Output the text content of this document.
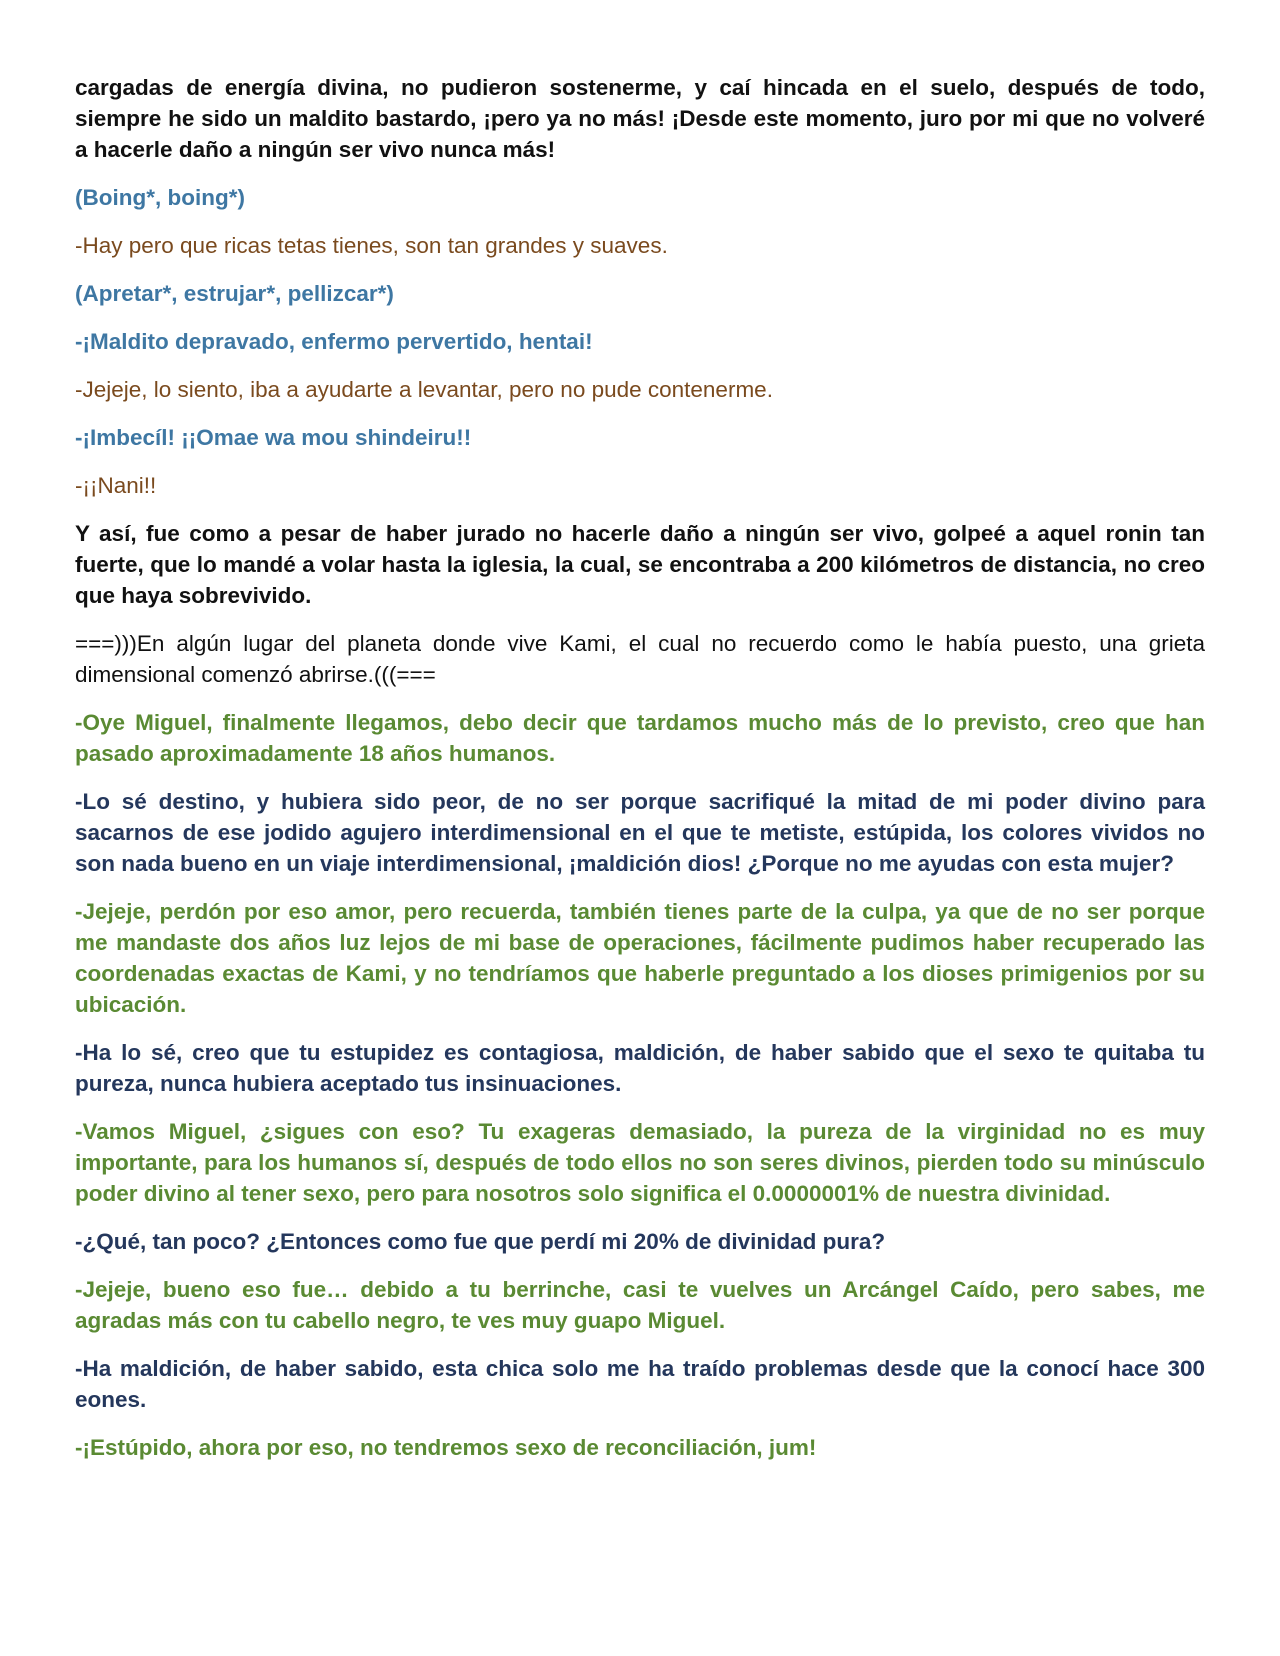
cargadas de energía divina, no pudieron sostenerme, y caí hincada en el suelo, después de todo, siempre he sido un maldito bastardo, ¡pero ya no más! ¡Desde este momento, juro por mi que no volveré a hacerle daño a ningún ser vivo nunca más!

(Boing*, boing*)

-Hay pero que ricas tetas tienes, son tan grandes y suaves.

(Apretar*, estrujar*, pellizcar*)

-¡Maldito depravado, enfermo pervertido, hentai!

-Jejeje, lo siento, iba a ayudarte a levantar, pero no pude contenerme.

-¡Imbecíl! ¡¡Omae wa mou shindeiru!!

-¡¡Nani!!

Y así, fue como a pesar de haber jurado no hacerle daño a ningún ser vivo, golpeé a aquel ronin tan fuerte, que lo mandé a volar hasta la iglesia, la cual, se encontraba a 200 kilómetros de distancia, no creo que haya sobrevivido.

===)))En algún lugar del planeta donde vive Kami, el cual no recuerdo como le había puesto, una grieta dimensional comenzó abrirse.(((===

-Oye Miguel, finalmente llegamos, debo decir que tardamos mucho más de lo previsto, creo que han pasado aproximadamente 18 años humanos.

-Lo sé destino, y hubiera sido peor, de no ser porque sacrifiqué la mitad de mi poder divino para sacarnos de ese jodido agujero interdimensional en el que te metiste, estúpida, los colores vividos no son nada bueno en un viaje interdimensional, ¡maldición dios! ¿Porque no me ayudas con esta mujer?

-Jejeje, perdón por eso amor, pero recuerda, también tienes parte de la culpa, ya que de no ser porque me mandaste dos años luz lejos de mi base de operaciones, fácilmente pudimos haber recuperado las coordenadas exactas de Kami, y no tendríamos que haberle preguntado a los dioses primigenios por su ubicación.

-Ha lo sé, creo que tu estupidez es contagiosa, maldición, de haber sabido que el sexo te quitaba tu pureza, nunca hubiera aceptado tus insinuaciones.

-Vamos Miguel, ¿sigues con eso? Tu exageras demasiado, la pureza de la virginidad no es muy importante, para los humanos sí, después de todo ellos no son seres divinos, pierden todo su minúsculo poder divino al tener sexo, pero para nosotros solo significa el 0.0000001% de nuestra divinidad.

-¿Qué, tan poco? ¿Entonces como fue que perdí mi 20% de divinidad pura?

-Jejeje, bueno eso fue… debido a tu berrinche, casi te vuelves un Arcángel Caído, pero sabes, me agradas más con tu cabello negro, te ves muy guapo Miguel.

-Ha maldición, de haber sabido, esta chica solo me ha traído problemas desde que la conocí hace 300 eones.

-¡Estúpido, ahora por eso, no tendremos sexo de reconciliación, jum!
